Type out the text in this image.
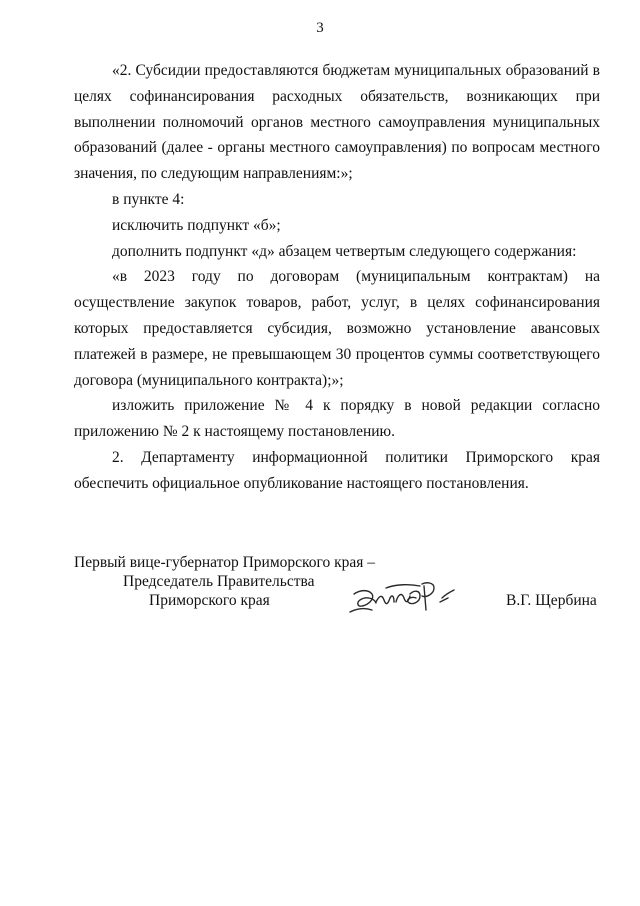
3

«2. Субсидии предоставляются бюджетам муниципальных образований в целях софинансирования расходных обязательств, возникающих при выполнении полномочий органов местного самоуправления муниципальных образований (далее - органы местного самоуправления) по вопросам местного значения, по следующим направлениям:»;

в пункте 4:

исключить подпункт «б»;

дополнить подпункт «д» абзацем четвертым следующего содержания:

«в 2023 году по договорам (муниципальным контрактам) на осуществление закупок товаров, работ, услуг, в целях софинансирования которых предоставляется субсидия, возможно установление авансовых платежей в размере, не превышающем 30 процентов суммы соответствующего договора (муниципального контракта);»;

изложить приложение № 4 к порядку в новой редакции согласно приложению № 2 к настоящему постановлению.

2. Департаменту информационной политики Приморского края обеспечить официальное опубликование настоящего постановления.

Первый вице-губернатор Приморского края –
Председатель Правительства
Приморского края	В.Г. Щербина
